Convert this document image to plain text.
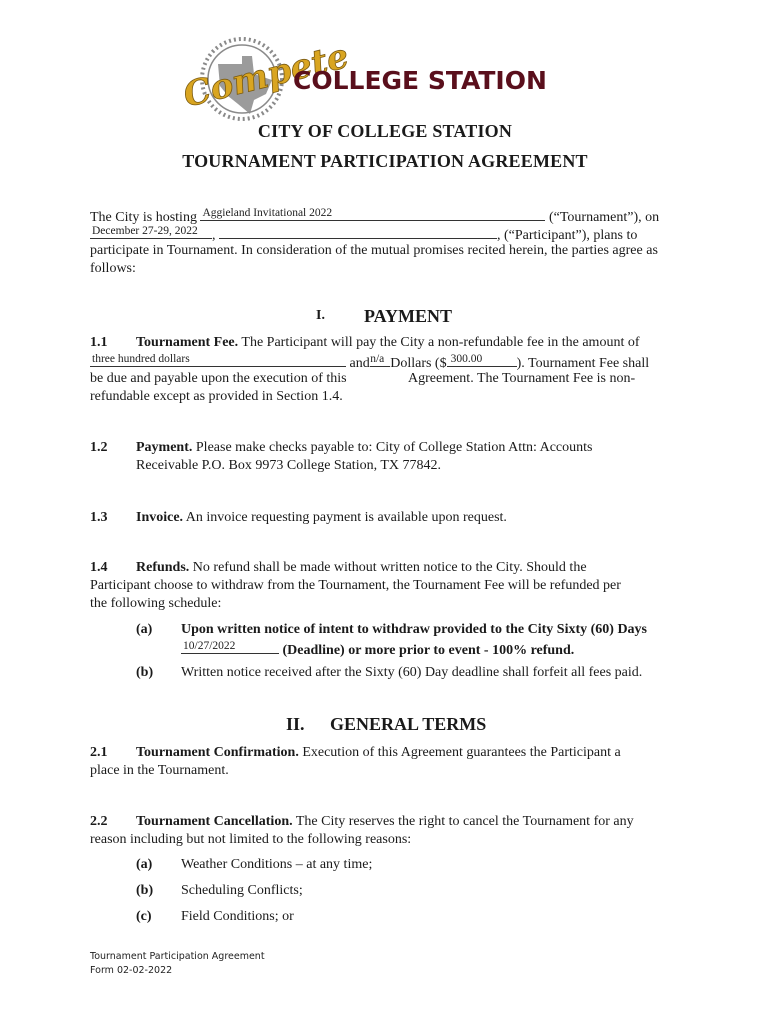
Compete
COLLEGE STATION
CITY OF COLLEGE STATION
TOURNAMENT PARTICIPATION AGREEMENT
The City is hosting Aggieland Invitational 2022	(“Tournament”), on
December 27-29, 2022 ,	, (“Participant”), plans to
participate in Tournament. In consideration of the mutual promises recited herein, the parties agree as
follows:
I. PAYMENT
1.1 Tournament Fee. The Participant will pay the City a non-refundable fee in the amount of
three hundred dollars	and n/a Dollars ($ 300.00 ). Tournament Fee shall
be due and payable upon the execution of this	Agreement. The Tournament Fee is non-
refundable except as provided in Section 1.4.
1.2 Payment. Please make checks payable to: City of College Station Attn: Accounts
Receivable P.O. Box 9973 College Station, TX 77842.
1.3 Invoice. An invoice requesting payment is available upon request.
1.4 Refunds. No refund shall be made without written notice to the City. Should the
Participant choose to withdraw from the Tournament, the Tournament Fee will be refunded per
the following schedule:
(a) Upon written notice of intent to withdraw provided to the City Sixty (60) Days
10/27/2022	(Deadline) or more prior to event - 100% refund.
(b) Written notice received after the Sixty (60) Day deadline shall forfeit all fees paid.
II. GENERAL TERMS
2.1 Tournament Confirmation. Execution of this Agreement guarantees the Participant a
place in the Tournament.
2.2 Tournament Cancellation. The City reserves the right to cancel the Tournament for any
reason including but not limited to the following reasons:
(a) Weather Conditions – at any time;
(b) Scheduling Conflicts;
(c) Field Conditions; or
Tournament Participation Agreement
Form 02-02-2022
